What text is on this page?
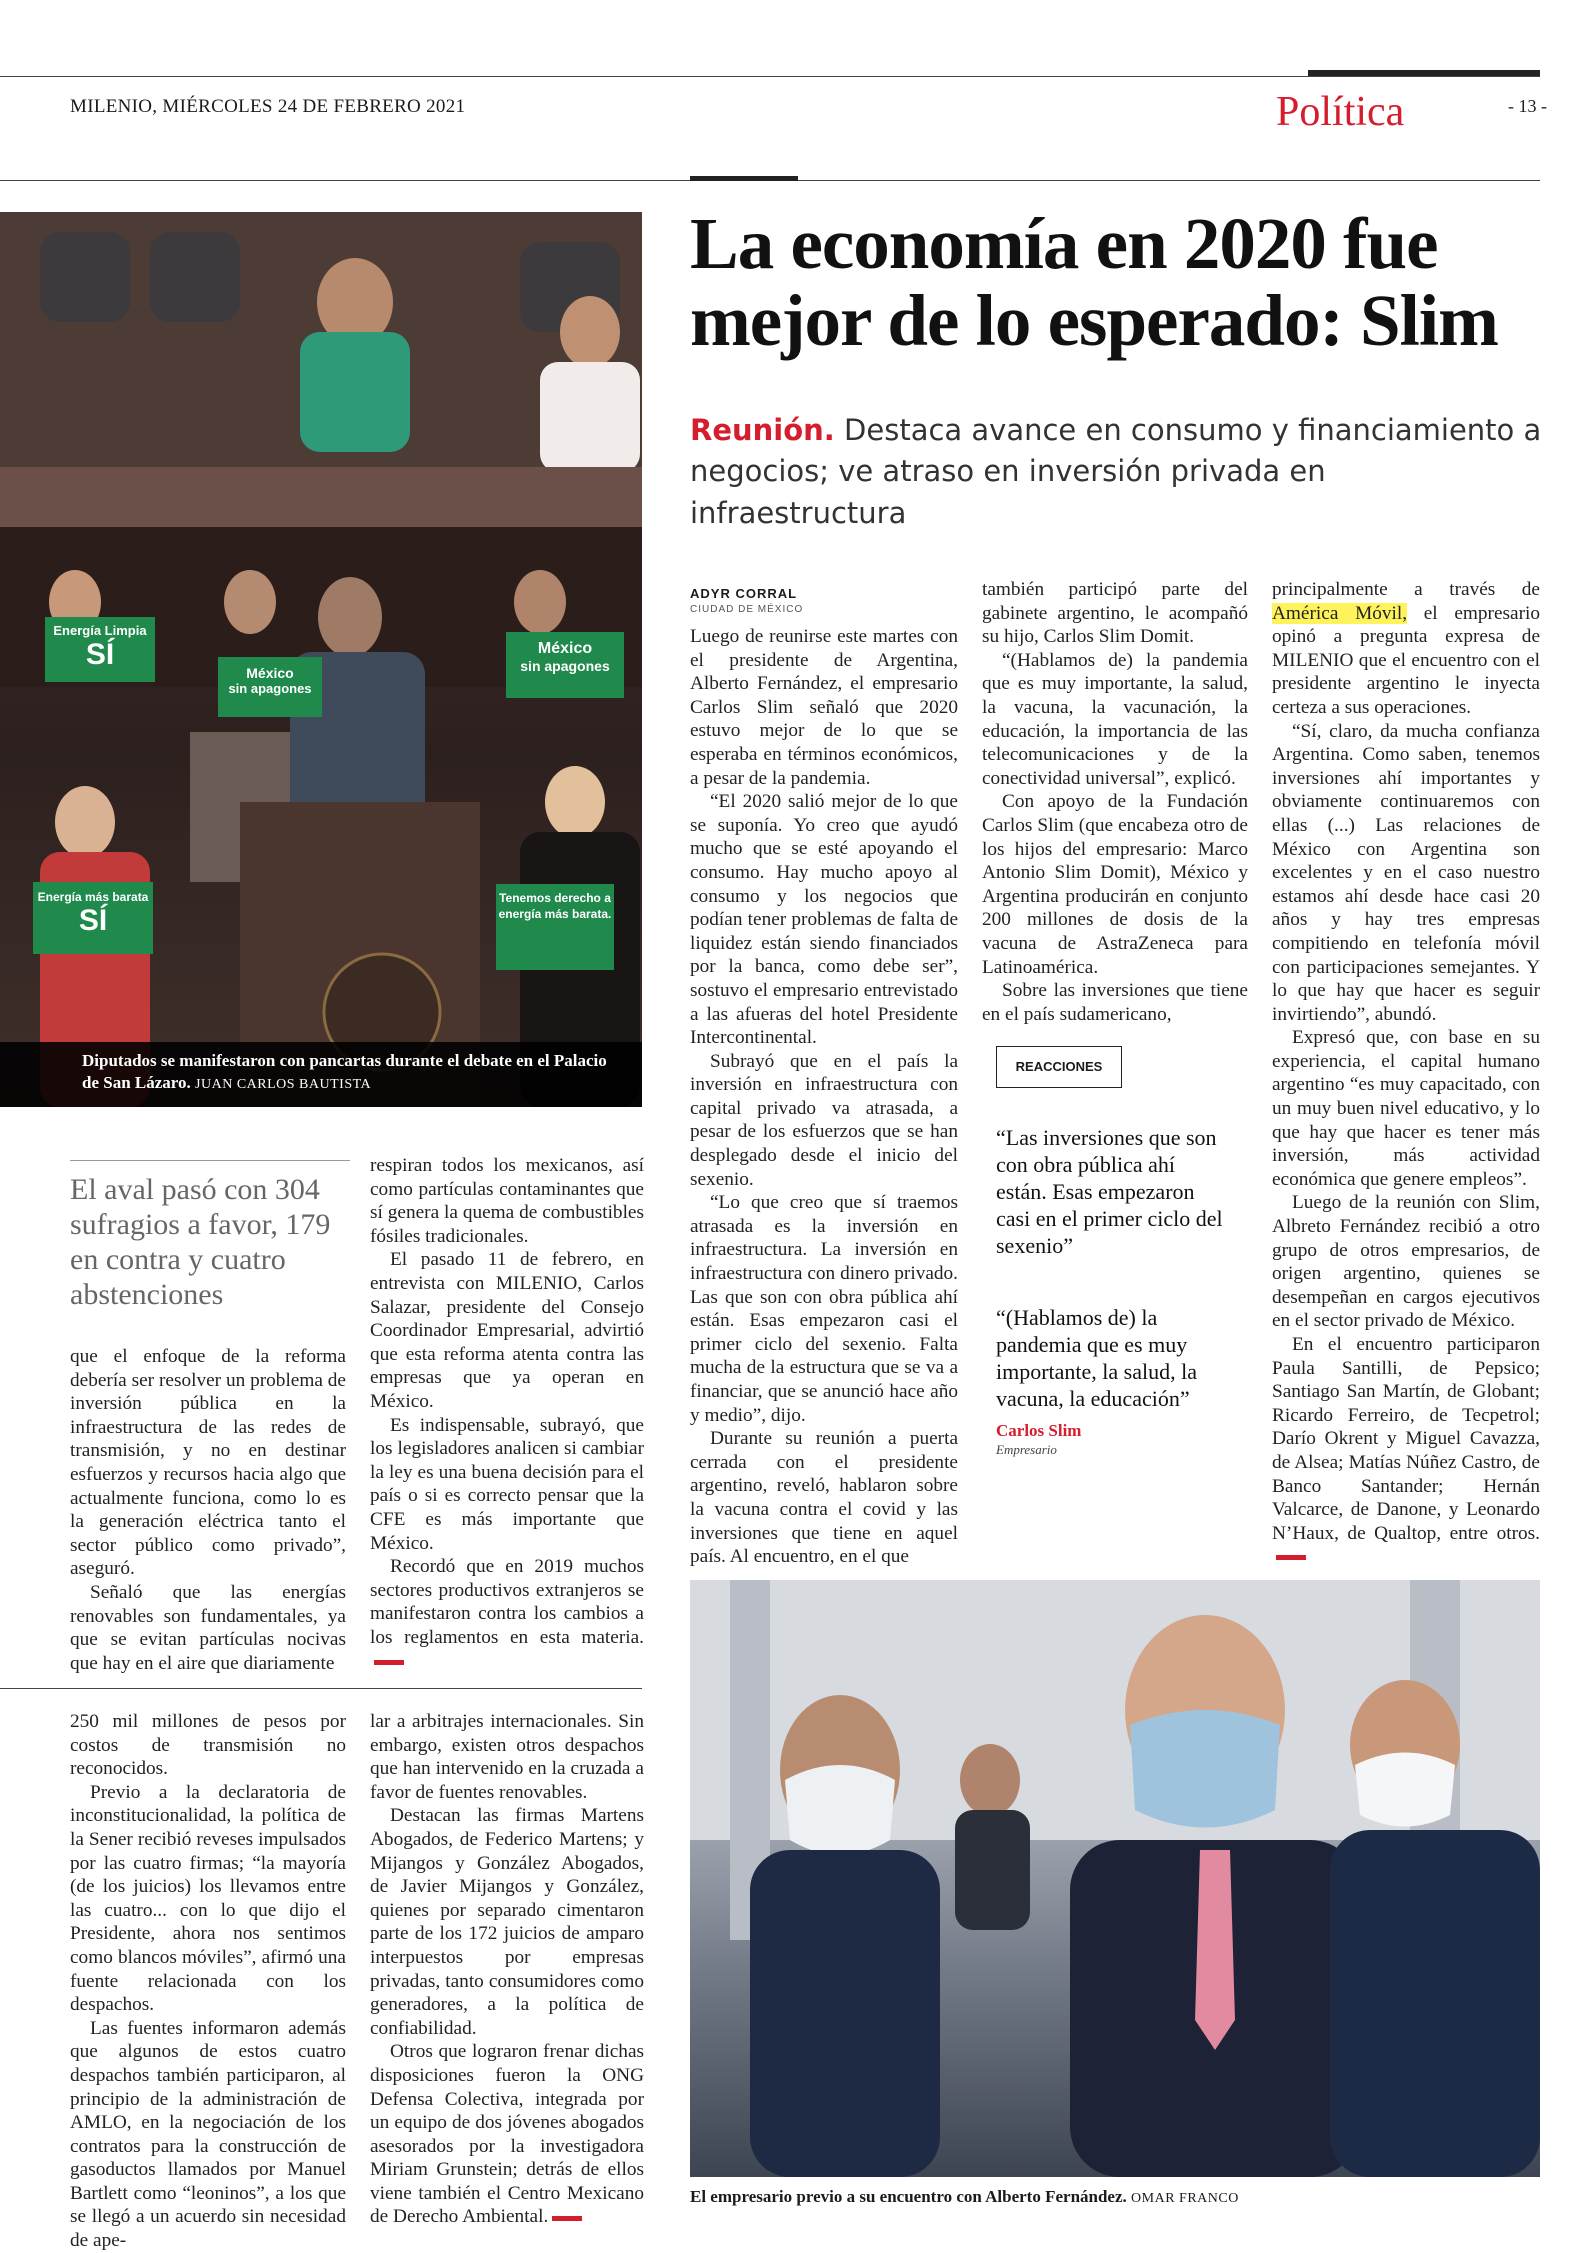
MILENIO, MIÉRCOLES 24 DE FEBRERO 2021	Política	- 13 -
Energía Limpia
SÍ
México
sin apagones
México
sin apagones
Energía más barata
SÍ
Tenemos derecho a energía más barata.
Diputados se manifestaron con pancartas durante el debate en el Palacio de San Lázaro. JUAN CARLOS BAUTISTA
La economía en 2020 fue mejor de lo esperado: Slim
Reunión. Destaca avance en consumo y financiamiento a negocios; ve atraso en inversión privada en infraestructura
ADYR CORRAL
CIUDAD DE MÉXICO

Luego de reunirse este martes con el presidente de Argentina, Alberto Fernández, el empresario Carlos Slim señaló que 2020 estuvo mejor de lo que se esperaba en términos económicos, a pesar de la pandemia.

“El 2020 salió mejor de lo que se suponía. Yo creo que ayudó mucho que se esté apoyando el consumo. Hay mucho apoyo al consumo y los negocios que podían tener problemas de falta de liquidez están siendo financiados por la banca, como debe ser”, sostuvo el empresario entrevistado a las afueras del hotel Presidente Intercontinental.

Subrayó que en el país la inversión en infraestructura con capital privado va atrasada, a pesar de los esfuerzos que se han desplegado desde el inicio del sexenio.

“Lo que creo que sí traemos atrasada es la inversión en infraestructura. La inversión en infraestructura con dinero privado. Las que son con obra pública ahí están. Esas empezaron casi el primer ciclo del sexenio. Falta mucha de la estructura que se va a financiar, que se anunció hace año y medio”, dijo.

Durante su reunión a puerta cerrada con el presidente argentino, reveló, hablaron sobre la vacuna contra el covid y las inversiones que tiene en aquel país. Al encuentro, en el que

también participó parte del gabinete argentino, le acompañó su hijo, Carlos Slim Domit.

“(Hablamos de) la pandemia que es muy importante, la salud, la vacuna, la vacunación, la educación, la importancia de las telecomunicaciones y de la conectividad universal”, explicó.

Con apoyo de la Fundación Carlos Slim (que encabeza otro de los hijos del empresario: Marco Antonio Slim Domit), México y Argentina producirán en conjunto 200 millones de dosis de la vacuna de AstraZeneca para Latinoamérica.

Sobre las inversiones que tiene en el país sudamericano,

REACCIONES
“Las inversiones que son con obra pública ahí están. Esas empezaron casi en el primer ciclo del sexenio”
“(Hablamos de) la pandemia que es muy importante, la salud, la vacuna, la educación”
Carlos Slim
Empresario

principalmente a través de América Móvil, el empresario opinó a pregunta expresa de MILENIO que el encuentro con el presidente argentino le inyecta certeza a sus operaciones.

“Sí, claro, da mucha confianza Argentina. Como saben, tenemos inversiones ahí importantes y obviamente continuaremos con ellas (...) Las relaciones de México con Argentina son excelentes y en el caso nuestro estamos ahí desde hace casi 20 años y hay tres empresas compitiendo en telefonía móvil con participaciones semejantes. Y lo que hay que hacer es seguir invirtiendo”, abundó.

Expresó que, con base en su experiencia, el capital humano argentino “es muy capacitado, con un muy buen nivel educativo, y lo que hay que hacer es tener más inversión, más actividad económica que genere empleos”.

Luego de la reunión con Slim, Albreto Fernández recibió a otro grupo de otros empresarios, de origen argentino, quienes se desempeñan en cargos ejecutivos en el sector privado de México.

En el encuentro participaron Paula Santilli, de Pepsico; Santiago San Martín, de Globant; Ricardo Ferreiro, de Tecpetrol; Darío Okrent y Miguel Cavazza, de Alsea; Matías Núñez Castro, de Banco Santander; Hernán Valcarce, de Danone, y Leonardo N’Haux, de Qualtop, entre otros.

El aval pasó con 304 sufragios a favor, 179 en contra y cuatro abstenciones

que el enfoque de la reforma debería ser resolver un problema de inversión pública en la infraestructura de las redes de transmisión, y no en destinar esfuerzos y recursos hacia algo que actualmente funciona, como lo es la generación eléctrica tanto el sector público como privado”, aseguró.

Señaló que las energías renovables son fundamentales, ya que se evitan partículas nocivas que hay en el aire que diariamente

respiran todos los mexicanos, así como partículas contaminantes que sí genera la quema de combustibles fósiles tradicionales.

El pasado 11 de febrero, en entrevista con MILENIO, Carlos Salazar, presidente del Consejo Coordinador Empresarial, advirtió que esta reforma atenta contra las empresas que ya operan en México.

Es indispensable, subrayó, que los legisladores analicen si cambiar la ley es una buena decisión para el país o si es correcto pensar que la CFE es más importante que México.

Recordó que en 2019 muchos sectores productivos extranjeros se manifestaron contra los cambios a los reglamentos en esta materia.

250 mil millones de pesos por costos de transmisión no reconocidos.

Previo a la declaratoria de inconstitucionalidad, la política de la Sener recibió reveses impulsados por las cuatro firmas; “la mayoría (de los juicios) los llevamos entre las cuatro... con lo que dijo el Presidente, ahora nos sentimos como blancos móviles”, afirmó una fuente relacionada con los despachos.

Las fuentes informaron además que algunos de estos cuatro despachos también participaron, al principio de la administración de AMLO, en la negociación de los contratos para la construcción de gasoductos llamados por Manuel Bartlett como “leoninos”, a los que se llegó a un acuerdo sin necesidad de ape-

lar a arbitrajes internacionales. Sin embargo, existen otros despachos que han intervenido en la cruzada a favor de fuentes renovables.

Destacan las firmas Martens Abogados, de Federico Martens; y Mijangos y González Abogados, de Javier Mijangos y González, quienes por separado cimentaron parte de los 172 juicios de amparo interpuestos por empresas privadas, tanto consumidores como generadores, a la política de confiabilidad.

Otros que lograron frenar dichas disposiciones fueron la ONG Defensa Colectiva, integrada por un equipo de dos jóvenes abogados asesorados por la investigadora Miriam Grunstein; detrás de ellos viene también el Centro Mexicano de Derecho Ambiental.

El empresario previo a su encuentro con Alberto Fernández. OMAR FRANCO
